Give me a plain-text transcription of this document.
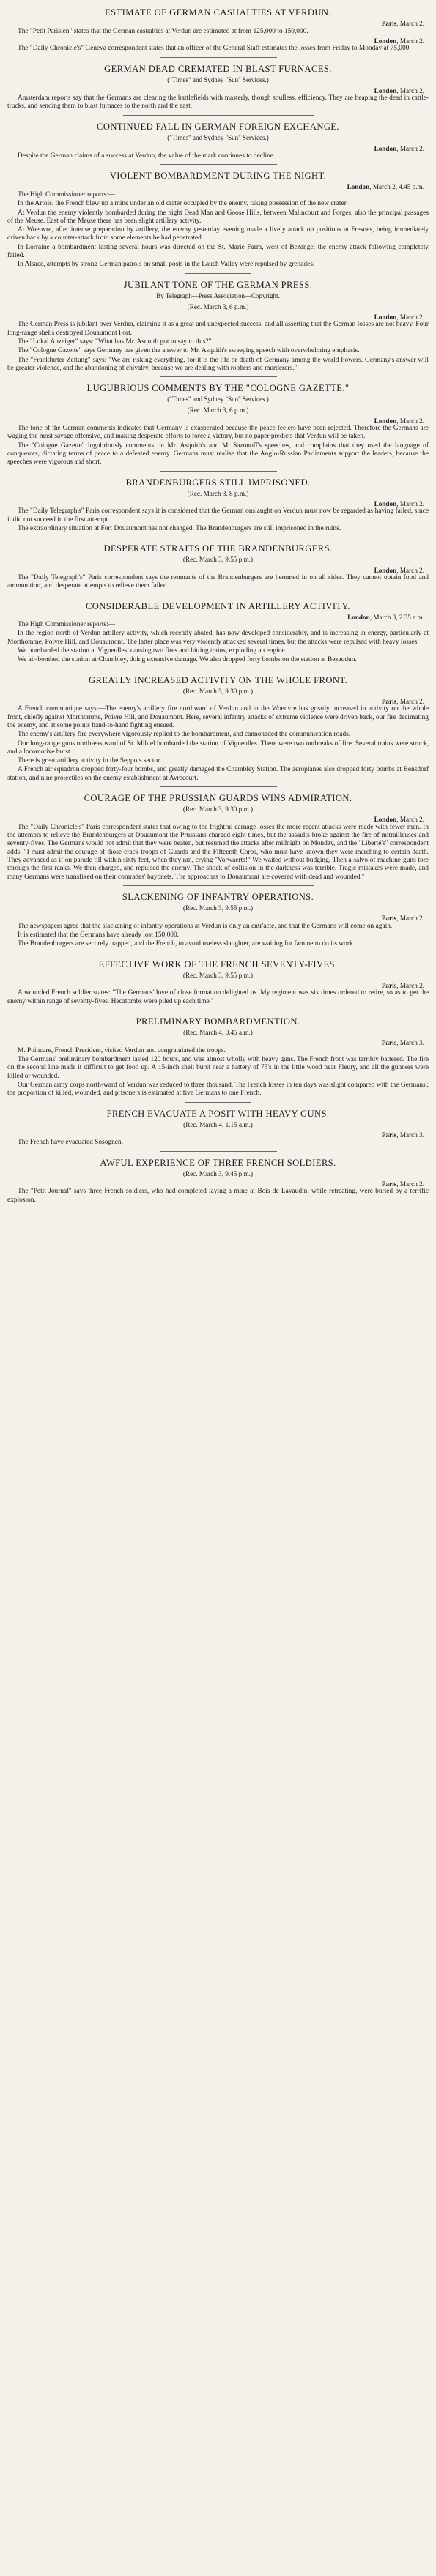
ESTIMATE OF GERMAN CASUALTIES AT VERDUN.
Paris, March 2.
The "Petit Parisien" states that the German casualties at Verdun are estimated at from 125,000 to 150,000.
London, March 2.
The "Daily Chronicle's" Geneva correspondent states that an officer of the General Staff estimates the losses from Friday to Monday at 75,000.
GERMAN DEAD CREMATED IN BLAST FURNACES.
("Times" and Sydney "Sun" Services.)
London, March 2.
Amsterdam reports say that the Germans are clearing the battlefields with masterly, though soulless, efficiency. They are heaping the dead in cattle-trucks, and sending them to blast furnaces to the north and the east.
CONTINUED FALL IN GERMAN FOREIGN EXCHANGE.
("Times" and Sydney "Sun" Services.)
London, March 2.
Despite the German claims of a success at Verdun, the value of the mark continues to decline.
VIOLENT BOMBARDMENT DURING THE NIGHT.
London, March 2, 4.45 p.m.
The High Commissioner reports:—
In the Artois, the French blew up a mine under an old crater occupied by the enemy, taking possession of the new crater.
At Verdun the enemy violently bombarded during the night Dead Man and Goose Hills, between Malincourt and Forges; also the principal passages of the Meuse. East of the Meuse there has been slight artillery activity.
At Woeuvre, after intense preparation by artillery, the enemy yesterday evening made a lively attack on positions at Fresnes, being immediately driven back by a counter-attack from some elements he had penetrated.
In Lorraine a bombardment lasting several hours was directed on the St. Marie Farm, west of Bezange; the enemy attack following completely failed.
In Alsace, attempts by strong German patrols on small posts in the Lauch Valley were repulsed by grenades.
JUBILANT TONE OF THE GERMAN PRESS.
By Telegraph—Press Association—Copyright.
(Rec. March 3, 6 p.m.)
London, March 2.
The German Press is jubilant over Verdun, claiming it as a great and unexpected success, and all asserting that the German losses are not heavy. Four long-range shells destroyed Douaumont Fort.
The "Lokal Anzeiger" says: "What has Mr. Asquith got to say to this?"
The "Cologne Gazette" says Germany has given the answer to Mr. Asquith's sweeping speech with overwhelming emphasis.
The "Frankfurter Zeitung" says: "We are risking everything, for it is the life or death of Germany among the world Powers. Germany's answer will be greater violence, and the abandoning of chivalry, because we are dealing with robbers and murderers."
LUGUBRIOUS COMMENTS BY THE "COLOGNE GAZETTE."
("Times" and Sydney "Sun" Services.)
(Rec. March 3, 6 p.m.)
London, March 2.
The tone of the German comments indicates that Germany is exasperated because the peace feelers have been rejected. Therefore the Germans are waging the most savage offensive, and making desperate efforts to force a victory, but no paper predicts that Verdun will be taken.
The "Cologne Gazette" lugubriously comments on Mr. Asquith's and M. Sazonoff's speeches, and complains that they used the language of conquerors, dictating terms of peace to a defeated enemy. Germans must realise that the Anglo-Russian Parliaments support the leaders, because the speeches were vigorous and short.
BRANDENBURGERS STILL IMPRISONED.
(Rec. March 3, 8 p.m.)
London, March 2.
The "Daily Telegraph's" Paris correspondent says it is considered that the German onslaught on Verdun must now be regarded as having failed, since it did not succeed in the first attempt.
The extraordinary situation at Fort Douaumont has not changed. The Brandenburgers are still imprisoned in the ruins.
DESPERATE STRAITS OF THE BRANDENBURGERS.
(Rec. March 3, 9.55 p.m.)
London, March 2.
The "Daily Telegraph's" Paris correspondent says the remnants of the Brandenburgers are hemmed in on all sides. They cannot obtain food and ammunition, and desperate attempts to relieve them failed.
CONSIDERABLE DEVELOPMENT IN ARTILLERY ACTIVITY.
London, March 3, 2.35 a.m.
The High Commissioner reports:—
In the region north of Verdun artillery activity, which recently abated, has now developed considerably, and is increasing in energy, particularly at Morthomme, Poivre Hill, and Douaumont. The latter place was very violently attacked several times, but the attacks were repulsed with heavy losses.
We bombarded the station at Vigneulles, causing two fires and hitting trains, exploding an engine.
We air-bombed the station at Chambley, doing extensive damage. We also dropped forty bombs on the station at Bezaudun.
GREATLY INCREASED ACTIVITY ON THE WHOLE FRONT.
(Rec. March 3, 9.30 p.m.)
Paris, March 2.
A French communique says:—The enemy's artillery fire northward of Verdun and in the Woeuvre has greatly increased in activity on the whole front, chiefly against Morthomme, Poivre Hill, and Douaumont. Here, several infantry attacks of extreme violence were driven back, our fire decimating the enemy, and at some points hand-to-hand fighting ensued.
The enemy's artillery fire everywhere vigorously replied to the bombardment, and cannonaded the communication roads.
Our long-range guns north-eastward of St. Mihiel bombarded the station of Vigneulles. There were two outbreaks of fire. Several trains were struck, and a locomotive burst.
There is great artillery activity in the Seppois sector.
A French air squadron dropped forty-four bombs, and greatly damaged the Chambley Station. The aeroplanes also dropped forty bombs at Bensdorf station, and nine projectiles on the enemy establishment at Avrecourt.
COURAGE OF THE PRUSSIAN GUARDS WINS ADMIRATION.
(Rec. March 3, 9.30 p.m.)
London, March 2.
The "Daily Chronicle's" Paris correspondent states that owing to the frightful carnage losses the more recent attacks were made with fewer men. In the attempts to relieve the Brandenburgers at Douaumont the Prussians charged eight times, but the assaults broke against the fire of mitrailleuses and seventy-fives. The Germans would not admit that they were beaten, but resumed the attacks after midnight on Monday, and the "Liberté's" correspondent adds: "I must admit the courage of those crack troops of Guards and the Fifteenth Corps, who must have known they were marching to certain death. They advanced as if on parade till within sixty feet, when they ran, crying "Vorwaerts!" We waited without budging. Then a salvo of machine-guns tore through the first ranks. We then charged, and repulsed the enemy. The shock of collision in the darkness was terrible. Tragic mistakes were made, and many Germans were transfixed on their comrades' bayonets. The approaches to Douaumont are covered with dead and wounded."
SLACKENING OF INFANTRY OPERATIONS.
(Rec. March 3, 9.55 p.m.)
Paris, March 2.
The newspapers agree that the slackening of infantry operations at Verdun is only an entr'acte, and that the Germans will come on again.
It is estimated that the Germans have already lost 150,000.
The Brandenburgers are securely trapped, and the French, to avoid useless slaughter, are waiting for famine to do its work.
EFFECTIVE WORK OF THE FRENCH SEVENTY-FIVES.
(Rec. March 3, 9.55 p.m.)
Paris, March 2.
A wounded French soldier states: "The Germans' love of close formation delighted us. My regiment was six times ordered to retire, so as to get the enemy within range of seventy-fives. Hecatombs were piled up each time."
PRELIMINARY BOMBARDMENTION.
(Rec. March 4, 0.45 a.m.)
Paris, March 3.
M. Poincare, French President, visited Verdun and congratulated the troops.
The Germans' preliminary bombardment lasted 120 hours, and was almost wholly with heavy guns. The French front was terribly battered. The fire on the second line made it difficult to get food up. A 15-inch shell burst near a battery of 75's in the little wood near Fleury, and all the gunners were killed or wounded.
Our German army corps north-ward of Verdun was reduced to three thousand. The French losses in ten days was slight compared with the Germans'; the proportion of killed, wounded, and prisoners is estimated at five Germans to one French.
FRENCH EVACUATE A POSIT WITH HEAVY GUNS.
(Rec. March 4, 1.15 a.m.)
Paris, March 3.
The French have evacuated Sosognen.
AWFUL EXPERIENCE OF THREE FRENCH SOLDIERS.
(Rec. March 3, 9.45 p.m.)
Paris, March 2.
The "Petit Journal" says three French soldiers, who had completed laying a mine at Bois de Lavaudin, while retreating, were buried by a terrific explosion.
